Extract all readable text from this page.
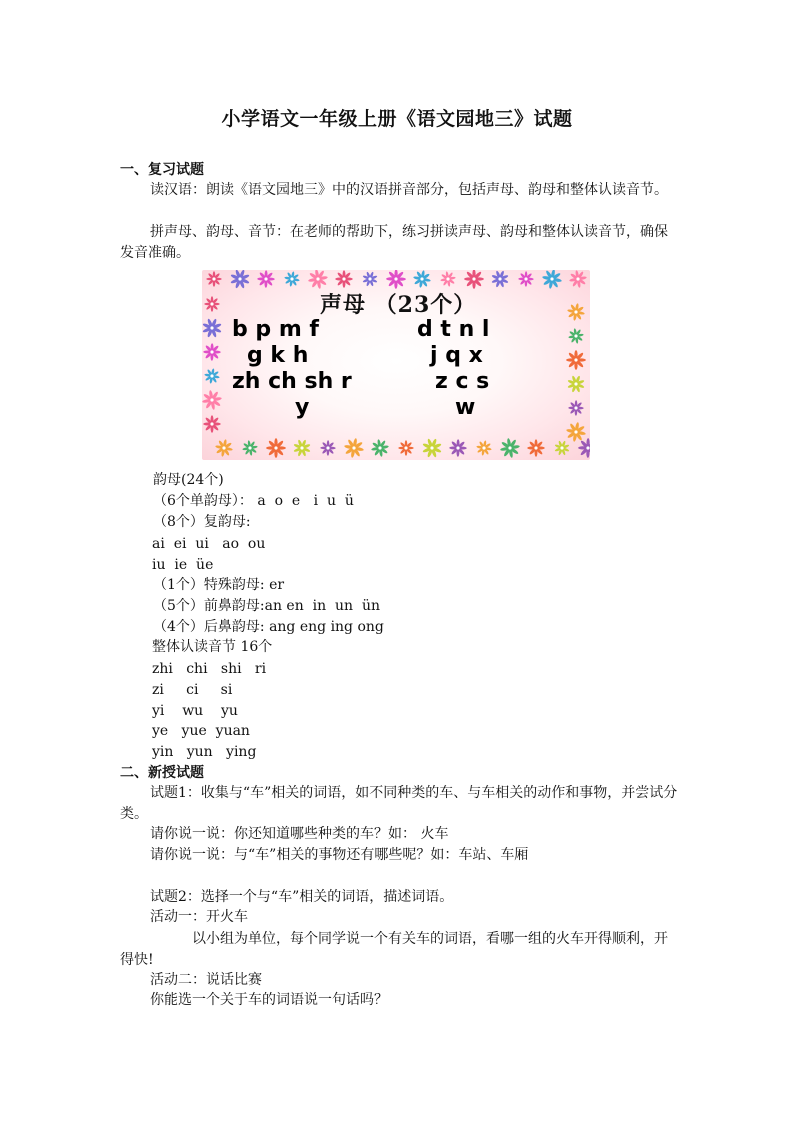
小学语文一年级上册《语文园地三》试题
一、复习试题
读汉语：朗读《语文园地三》中的汉语拼音部分，包括声母、韵母和整体认读音节。
拼声母、韵母、音节：在老师的帮助下，练习拼读声母、韵母和整体认读音节，确保发音准确。
声母 （23个）
b p m f	d t n l
g k h	j q x
zh ch sh r	z c s
y	w
韵母(24个)
（6个单韵母）： a  o  e   i  u  ü
（8个）复韵母:
ai  ei  ui   ao  ou
iu  ie  üe
（1个）特殊韵母: er
（5个）前鼻韵母:an en  in  un  ün
（4个）后鼻韵母: ang eng ing ong
整体认读音节 16个
zhi   chi   shi   ri
zi     ci     si
yi    wu    yu
ye   yue  yuan
yin   yun   ying
二、新授试题
试题1：收集与“车”相关的词语，如不同种类的车、与车相关的动作和事物，并尝试分类。
请你说一说：你还知道哪些种类的车？如： 火车
请你说一说：与“车”相关的事物还有哪些呢？如：车站、车厢
试题2：选择一个与“车”相关的词语，描述词语。
活动一：开火车
以小组为单位，每个同学说一个有关车的词语，看哪一组的火车开得顺利，开得快!
活动二：说话比赛
你能选一个关于车的词语说一句话吗？
